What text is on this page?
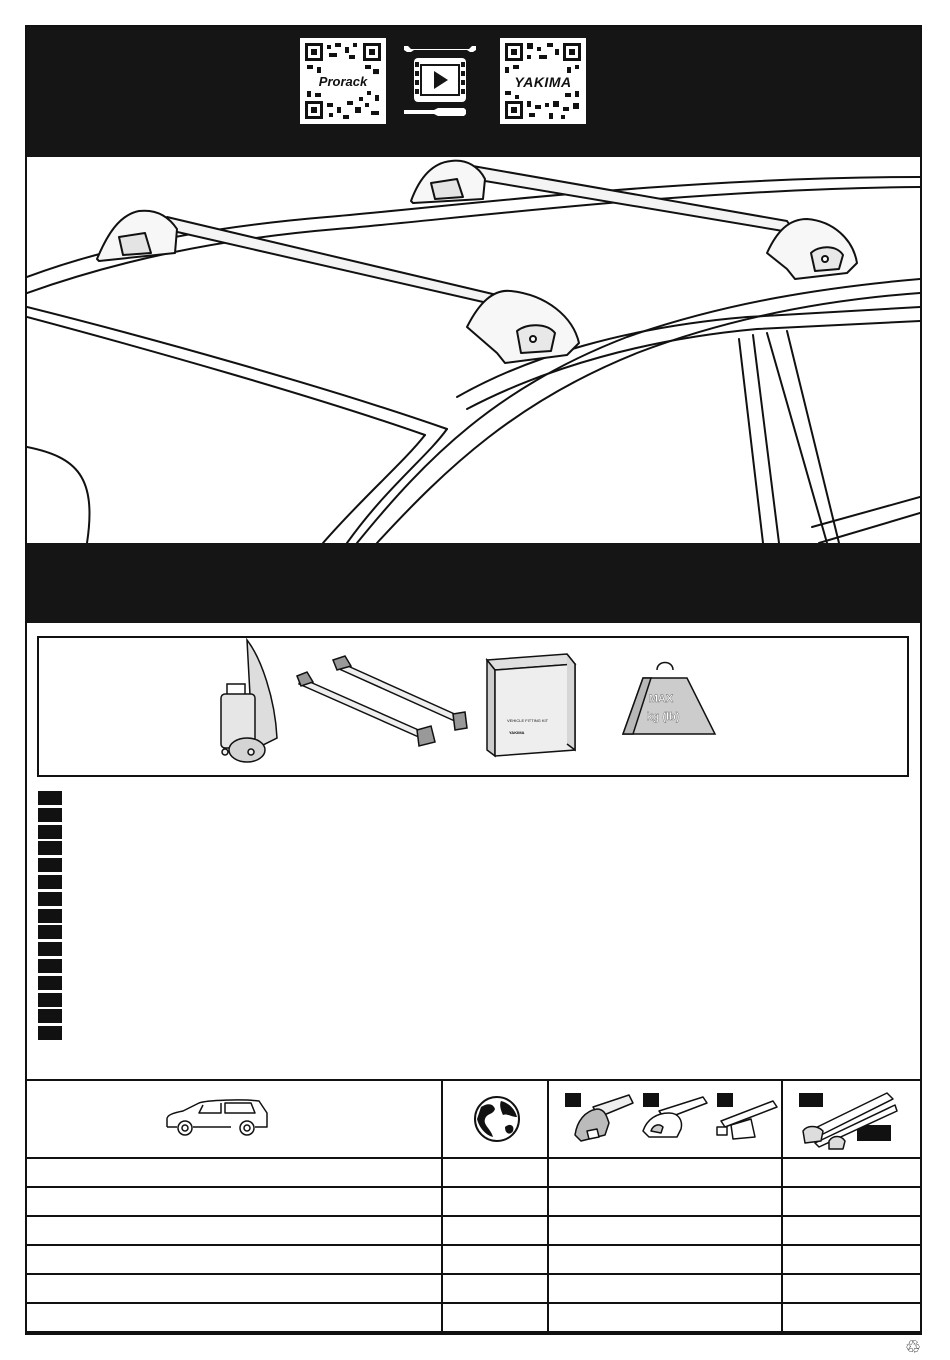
Prorack	YAKIMA
VEHICLE FITTING KIT
YAKIMA
MAX
kg (lb)
♲
